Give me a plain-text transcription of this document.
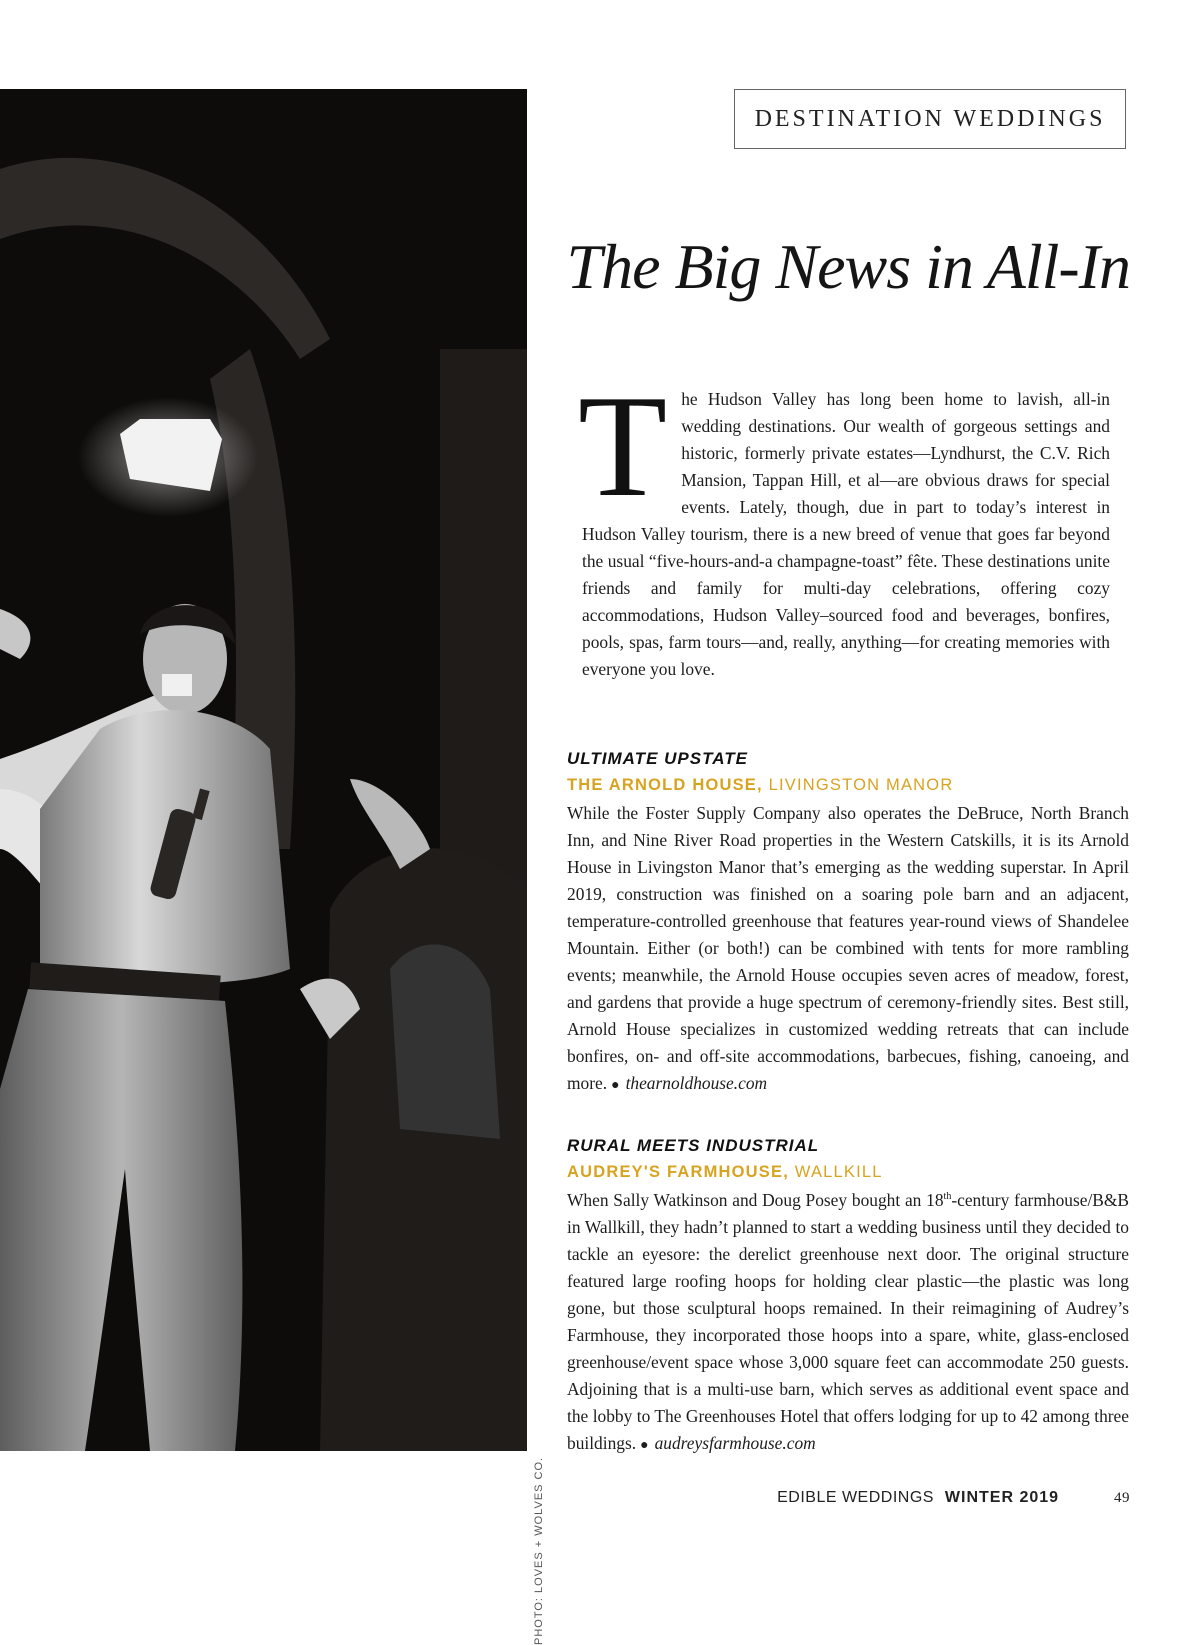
PHOTO: LOVES + WOLVES CO.
DESTINATION WEDDINGS
The Big News in All-In

The Hudson Valley has long been home to lavish, all-in wedding destinations. Our wealth of gorgeous settings and historic, formerly private estates—Lyndhurst, the C.V. Rich Mansion, Tappan Hill, et al—are obvious draws for special events. Lately, though, due in part to today’s interest in Hudson Valley tourism, there is a new breed of venue that goes far beyond the usual “five-hours-and-a champagne-toast” fête. These destinations unite friends and family for multi-day celebrations, offering cozy accommodations, Hudson Valley–sourced food and beverages, bonfires, pools, spas, farm tours—and, really, anything—for creating memories with everyone you love.

ULTIMATE UPSTATE

THE ARNOLD HOUSE, LIVINGSTON MANOR

While the Foster Supply Company also operates the DeBruce, North Branch Inn, and Nine River Road properties in the Western Catskills, it is its Arnold House in Livingston Manor that’s emerging as the wedding superstar. In April 2019, construction was finished on a soaring pole barn and an adjacent, temperature-controlled greenhouse that features year-round views of Shandelee Mountain. Either (or both!) can be combined with tents for more rambling events; meanwhile, the Arnold House occupies seven acres of meadow, forest, and gardens that provide a huge spectrum of ceremony-friendly sites. Best still, Arnold House specializes in customized wedding retreats that can include bonfires, on- and off-site accommodations, barbecues, fishing, canoeing, and more. ● thearnoldhouse.com

RURAL MEETS INDUSTRIAL

AUDREY'S FARMHOUSE, WALLKILL

When Sally Watkinson and Doug Posey bought an 18th-century farmhouse/B&B in Wallkill, they hadn’t planned to start a wedding business until they decided to tackle an eyesore: the derelict greenhouse next door. The original structure featured large roofing hoops for holding clear plastic—the plastic was long gone, but those sculptural hoops remained. In their reimagining of Audrey’s Farmhouse, they incorporated those hoops into a spare, white, glass-enclosed greenhouse/event space whose 3,000 square feet can accommodate 250 guests. Adjoining that is a multi-use barn, which serves as additional event space and the lobby to The Greenhouses Hotel that offers lodging for up to 42 among three buildings. ● audreysfarmhouse.com

EDIBLE WEDDINGS WINTER 2019	49
